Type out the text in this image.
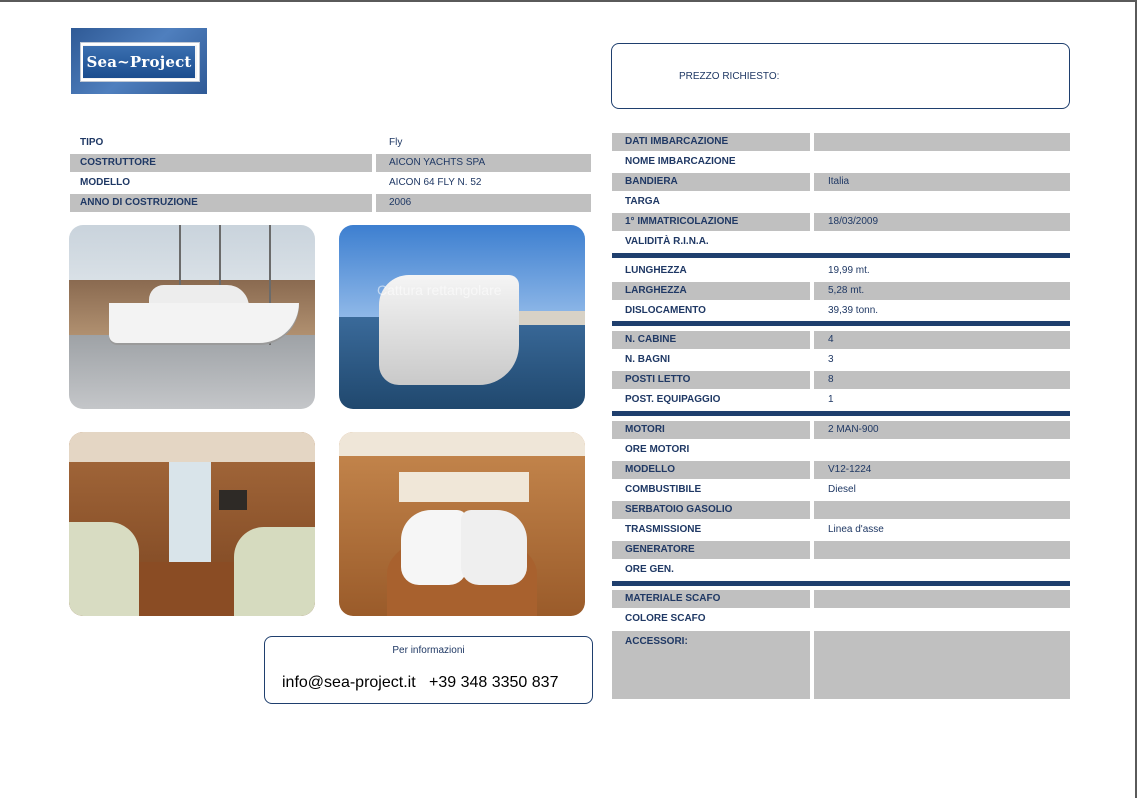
Sea~Project
PREZZO RICHIESTO:
TIPO	Fly
COSTRUTTORE	AICON YACHTS SPA
MODELLO	AICON 64 FLY N. 52
ANNO DI COSTRUZIONE	2006
Cattura rettangolare
Per informazioni
info@sea-project.it +39 348 3350 837
DATI IMBARCAZIONE
NOME IMBARCAZIONE
BANDIERA	Italia
TARGA
1° IMMATRICOLAZIONE	18/03/2009
VALIDITÀ R.I.N.A.
LUNGHEZZA	19,99 mt.
LARGHEZZA	5,28 mt.
DISLOCAMENTO	39,39 tonn.
N. CABINE	4
N. BAGNI	3
POSTI LETTO	8
POST. EQUIPAGGIO	1
MOTORI	2 MAN-900
ORE MOTORI
MODELLO	V12-1224
COMBUSTIBILE	Diesel
SERBATOIO GASOLIO
TRASMISSIONE	Linea d'asse
GENERATORE
ORE GEN.
MATERIALE SCAFO
COLORE SCAFO
ACCESSORI:
